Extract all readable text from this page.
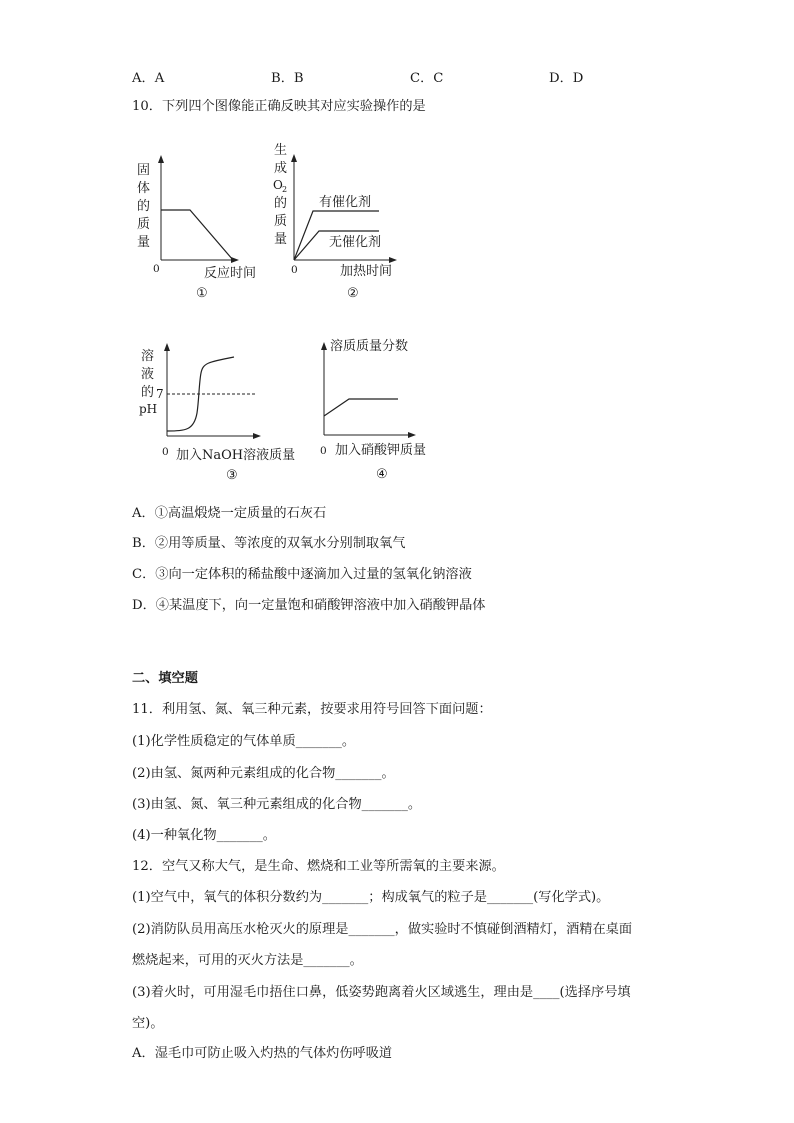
A．A	B．B	C．C	D．D
10．下列四个图像能正确反映其对应实验操作的是
固
体
的
质
量
0	反应时间
①
生
成
O 2
的
质
量
有催化剂
无催化剂
0	加热时间
②
溶
液
的
pH
7
0 加入NaOH溶液质量
③
溶质质量分数
0 加入硝酸钾质量
④
A．①高温煅烧一定质量的石灰石
B．②用等质量、等浓度的双氧水分别制取氧气
C．③向一定体积的稀盐酸中逐滴加入过量的氢氧化钠溶液
D．④某温度下，向一定量饱和硝酸钾溶液中加入硝酸钾晶体
二、填空题
11．利用氢、氮、氧三种元素，按要求用符号回答下面问题：
(1)化学性质稳定的气体单质_______。
(2)由氢、氮两种元素组成的化合物_______。
(3)由氢、氮、氧三种元素组成的化合物_______。
(4)一种氧化物_______。
12．空气又称大气，是生命、燃烧和工业等所需氧的主要来源。
(1)空气中，氧气的体积分数约为_______；构成氧气的粒子是_______(写化学式)。
(2)消防队员用高压水枪灭火的原理是_______，做实验时不慎碰倒酒精灯，酒精在桌面
燃烧起来，可用的灭火方法是_______。
(3)着火时，可用湿毛巾捂住口鼻，低姿势跑离着火区域逃生，理由是____(选择序号填
空)。
A．湿毛巾可防止吸入灼热的气体灼伤呼吸道
